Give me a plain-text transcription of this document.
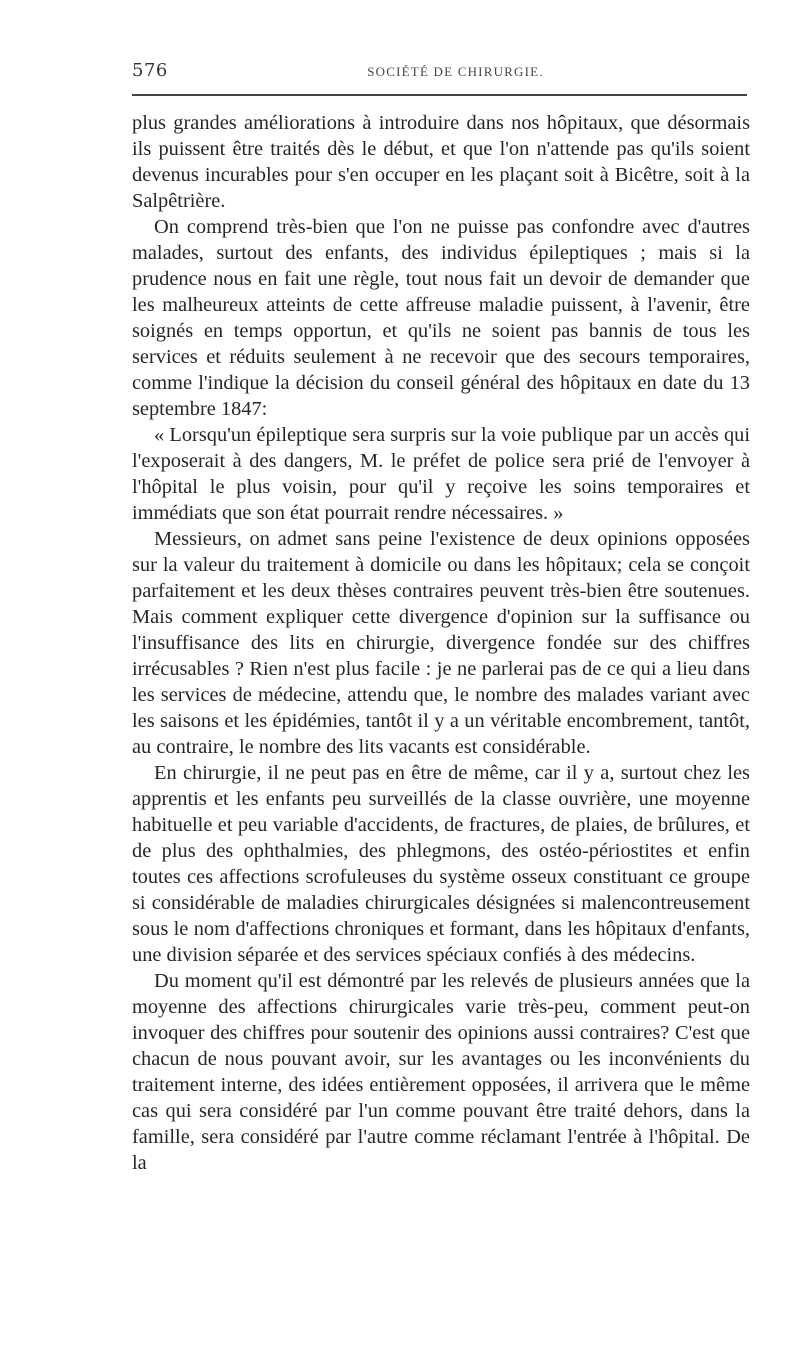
576	SOCIÉTÉ DE CHIRURGIE.

plus grandes améliorations à introduire dans nos hôpitaux, que désormais ils puissent être traités dès le début, et que l'on n'attende pas qu'ils soient devenus incurables pour s'en occuper en les plaçant soit à Bicêtre, soit à la Salpêtrière.

On comprend très-bien que l'on ne puisse pas confondre avec d'autres malades, surtout des enfants, des individus épileptiques ; mais si la prudence nous en fait une règle, tout nous fait un devoir de demander que les malheureux atteints de cette affreuse maladie puissent, à l'avenir, être soignés en temps opportun, et qu'ils ne soient pas bannis de tous les services et réduits seulement à ne recevoir que des secours temporaires, comme l'indique la décision du conseil général des hôpitaux en date du 13 septembre 1847:

« Lorsqu'un épileptique sera surpris sur la voie publique par un accès qui l'exposerait à des dangers, M. le préfet de police sera prié de l'envoyer à l'hôpital le plus voisin, pour qu'il y reçoive les soins temporaires et immédiats que son état pourrait rendre nécessaires. »

Messieurs, on admet sans peine l'existence de deux opinions opposées sur la valeur du traitement à domicile ou dans les hôpitaux; cela se conçoit parfaitement et les deux thèses contraires peuvent très-bien être soutenues. Mais comment expliquer cette divergence d'opinion sur la suffisance ou l'insuffisance des lits en chirurgie, divergence fondée sur des chiffres irrécusables ? Rien n'est plus facile : je ne parlerai pas de ce qui a lieu dans les services de médecine, attendu que, le nombre des malades variant avec les saisons et les épidémies, tantôt il y a un véritable encombrement, tantôt, au contraire, le nombre des lits vacants est considérable.

En chirurgie, il ne peut pas en être de même, car il y a, surtout chez les apprentis et les enfants peu surveillés de la classe ouvrière, une moyenne habituelle et peu variable d'accidents, de fractures, de plaies, de brûlures, et de plus des ophthalmies, des phlegmons, des ostéo-périostites et enfin toutes ces affections scrofuleuses du système osseux constituant ce groupe si considérable de maladies chirurgicales désignées si malencontreusement sous le nom d'affections chroniques et formant, dans les hôpitaux d'enfants, une division séparée et des services spéciaux confiés à des médecins.

Du moment qu'il est démontré par les relevés de plusieurs années que la moyenne des affections chirurgicales varie très-peu, comment peut-on invoquer des chiffres pour soutenir des opinions aussi contraires? C'est que chacun de nous pouvant avoir, sur les avantages ou les inconvénients du traitement interne, des idées entièrement opposées, il arrivera que le même cas qui sera considéré par l'un comme pouvant être traité dehors, dans la famille, sera considéré par l'autre comme réclamant l'entrée à l'hôpital. De la
